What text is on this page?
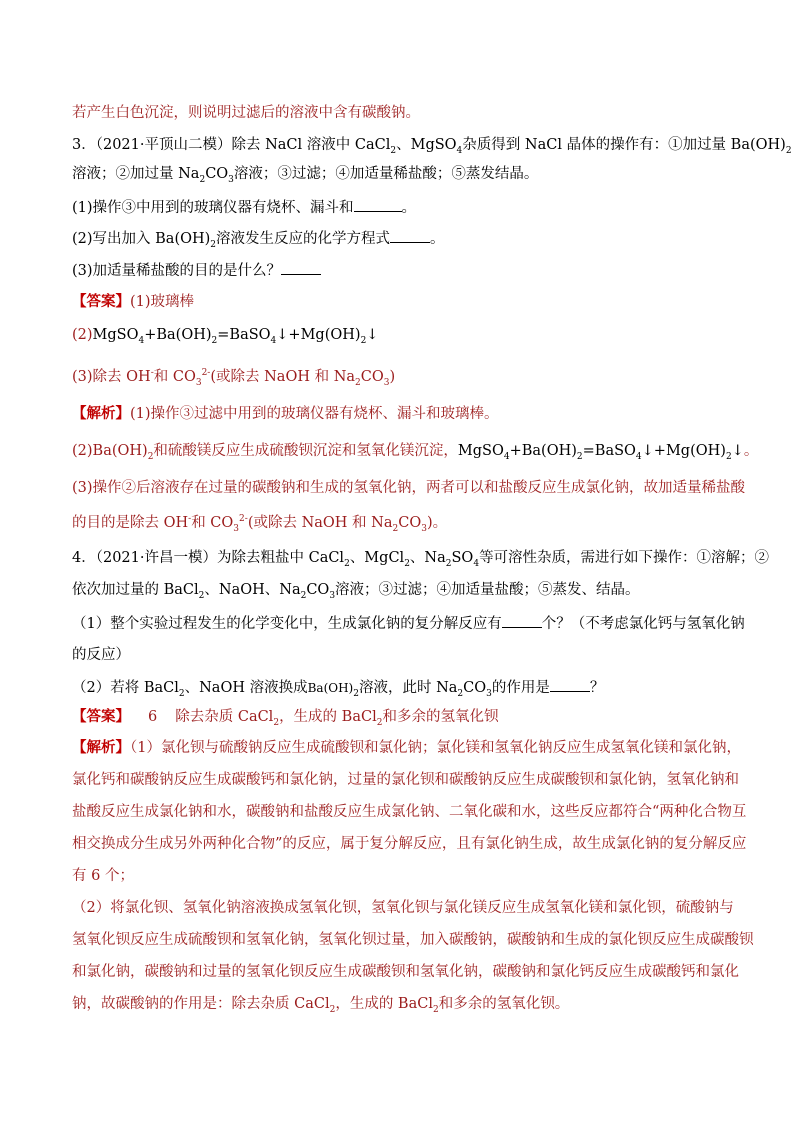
若产生白色沉淀，则说明过滤后的溶液中含有碳酸钠。
3．（2021·平顶山二模）除去 NaCl 溶液中 CaCl$_2$、MgSO$_4$杂质得到 NaCl 晶体的操作有：①加过量 $Ba(OH)_2$
溶液；②加过量 $Na_2CO_3$溶液；③过滤；④加适量稀盐酸；⑤蒸发结晶。
(1)操作③中用到的玻璃仪器有烧杯、漏斗和	。
(2)写出加入 $Ba(OH)_2$溶液发生反应的化学方程式	。
(3)加适量稀盐酸的目的是什么？
【答案】(1)玻璃棒
$(2)MgSO_4+Ba(OH)_2=BaSO_4↓+Mg(OH)_2↓$
(3)除去 OH-和 $CO_3^{2-}$(或除去 NaOH 和 $Na_2CO_3$)
【解析】(1)操作③过滤中用到的玻璃仪器有烧杯、漏斗和玻璃棒。
$(2)Ba(OH)_2$和硫酸镁反应生成硫酸钡沉淀和氢氧化镁沉淀，$MgSO_4+Ba(OH)_2=BaSO_4↓+Mg(OH)_2↓$。
(3)操作②后溶液存在过量的碳酸钠和生成的氢氧化钠，两者可以和盐酸反应生成氯化钠，故加适量稀盐酸
的目的是除去 OH-和 $CO_3^{2-}$(或除去 NaOH 和 $Na_2CO_3$)。
4．（2021·许昌一模）为除去粗盐中 CaCl$_2$、MgCl$_2$、$Na_2SO_4$等可溶性杂质，需进行如下操作：①溶解；②
依次加过量的 BaCl$_2$、NaOH、$Na_2CO_3$溶液；③过滤；④加适量盐酸；⑤蒸发、结晶。
（1）整个实验过程发生的化学变化中，生成氯化钠的复分解反应有	个？（不考虑氯化钙与氢氧化钠
的反应）
（2）若将 BaCl$_2$、NaOH 溶液换成$Ba(OH)_2$溶液，此时 $Na_2CO_3$的作用是	？
【答案】 6 除去杂质 CaCl$_2$，生成的 BaCl$_2$和多余的氢氧化钡
【解析】（1）氯化钡与硫酸钠反应生成硫酸钡和氯化钠；氯化镁和氢氧化钠反应生成氢氧化镁和氯化钠，
氯化钙和碳酸钠反应生成碳酸钙和氯化钠，过量的氯化钡和碳酸钠反应生成碳酸钡和氯化钠，氢氧化钠和
盐酸反应生成氯化钠和水，碳酸钠和盐酸反应生成氯化钠、二氧化碳和水，这些反应都符合“两种化合物互
相交换成分生成另外两种化合物”的反应，属于复分解反应，且有氯化钠生成，故生成氯化钠的复分解反应
有 6 个；
（2）将氯化钡、氢氧化钠溶液换成氢氧化钡，氢氧化钡与氯化镁反应生成氢氧化镁和氯化钡，硫酸钠与
氢氧化钡反应生成硫酸钡和氢氧化钠，氢氧化钡过量，加入碳酸钠，碳酸钠和生成的氯化钡反应生成碳酸钡
和氯化钠，碳酸钠和过量的氢氧化钡反应生成碳酸钡和氢氧化钠，碳酸钠和氯化钙反应生成碳酸钙和氯化
钠，故碳酸钠的作用是：除去杂质 CaCl$_2$，生成的 BaCl$_2$和多余的氢氧化钡。
